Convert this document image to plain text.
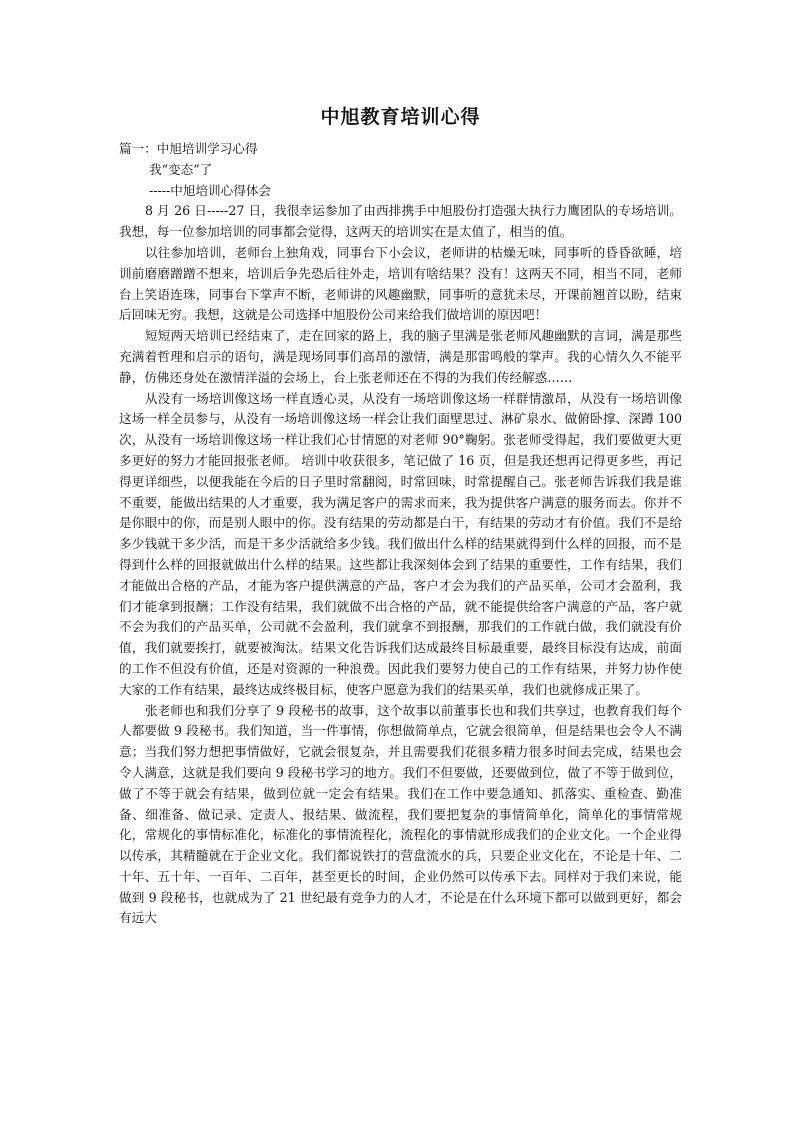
中旭教育培训心得

篇一：中旭培训学习心得

我“变态”了

-----中旭培训心得体会

8 月 26 日-----27 日，我很幸运参加了由西排携手中旭股份打造强大执行力鹰团队的专场培训。我想，每一位参加培训的同事都会觉得，这两天的培训实在是太值了，相当的值。

以往参加培训，老师台上独角戏，同事台下小会议，老师讲的枯燥无味，同事听的昏昏欲睡，培训前磨磨蹭蹭不想来，培训后争先恐后往外走，培训有啥结果？没有！这两天不同，相当不同，老师台上笑语连珠，同事台下掌声不断，老师讲的风趣幽默，同事听的意犹未尽，开课前翘首以盼，结束后回味无穷。我想，这就是公司选择中旭股份公司来给我们做培训的原因吧！

短短两天培训已经结束了，走在回家的路上，我的脑子里满是张老师风趣幽默的言词，满是那些充满着哲理和启示的语句，满是现场同事们高昂的激情，满是那雷鸣般的掌声。我的心情久久不能平静，仿佛还身处在激情洋溢的会场上，台上张老师还在不得的为我们传经解惑……

从没有一场培训像这场一样直透心灵，从没有一场培训像这场一样群情激昂，从没有一场培训像这场一样全员参与，从没有一场培训像这场一样会让我们面壁思过、淋矿泉水、做俯卧撑、深蹲 100 次，从没有一场培训像这场一样让我们心甘情愿的对老师 90°鞠躬。张老师受得起，我们要做更大更多更好的努力才能回报张老师。 培训中收获很多，笔记做了 16 页，但是我还想再记得更多些，再记得更详细些，以便我能在今后的日子里时常翻阅，时常回味，时常提醒自己。张老师告诉我们我是谁不重要，能做出结果的人才重要，我为满足客户的需求而来，我为提供客户满意的服务而去。你并不是你眼中的你，而是别人眼中的你。没有结果的劳动都是白干，有结果的劳动才有价值。我们不是给多少钱就干多少活，而是干多少活就给多少钱。我们做出什么样的结果就得到什么样的回报，而不是得到什么样的回报就做出什么样的结果。这些都让我深刻体会到了结果的重要性，工作有结果，我们才能做出合格的产品，才能为客户提供满意的产品，客户才会为我们的产品买单，公司才会盈利，我们才能拿到报酬；工作没有结果，我们就做不出合格的产品，就不能提供给客户满意的产品，客户就不会为我们的产品买单，公司就不会盈利，我们就拿不到报酬，那我们的工作就白做，我们就没有价值，我们就要挨打，就要被淘汰。结果文化告诉我们达成最终目标最重要，最终目标没有达成，前面的工作不但没有价值，还是对资源的一种浪费。因此我们要努力使自己的工作有结果，并努力协作使大家的工作有结果，最终达成终极目标，使客户愿意为我们的结果买单，我们也就修成正果了。

张老师也和我们分享了 9 段秘书的故事，这个故事以前董事长也和我们共享过，也教育我们每个人都要做 9 段秘书。我们知道，当一件事情，你想做简单点，它就会很简单，但是结果也会令人不满意；当我们努力想把事情做好，它就会很复杂，并且需要我们花很多精力很多时间去完成，结果也会令人满意，这就是我们要向 9 段秘书学习的地方。我们不但要做，还要做到位，做了不等于做到位，做了不等于就会有结果，做到位就一定会有结果。我们在工作中要急通知、抓落实、重检查、勤准备、细准备、做记录、定责人、报结果、做流程，我们要把复杂的事情简单化，简单化的事情常规化，常规化的事情标准化，标准化的事情流程化，流程化的事情就形成我们的企业文化。一个企业得以传承，其精髓就在于企业文化。我们都说铁打的营盘流水的兵，只要企业文化在，不论是十年、二十年、五十年、一百年、二百年，甚至更长的时间，企业仍然可以传承下去。同样对于我们来说，能做到 9 段秘书，也就成为了 21 世纪最有竞争力的人才，不论是在什么环境下都可以做到更好，都会有远大
